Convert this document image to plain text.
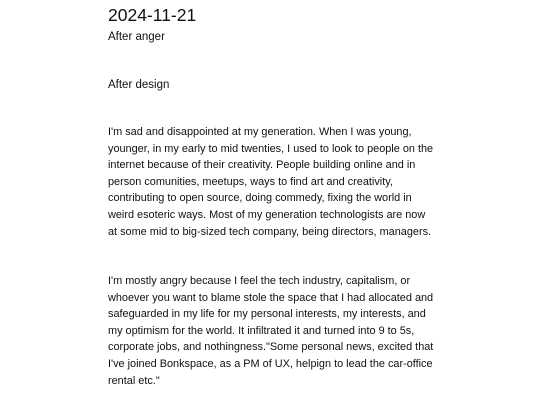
2024-11-21

After anger

After design

I'm sad and disappointed at my generation. When I was young, younger, in my early to mid twenties, I used to look to people on the internet because of their creativity. People building online and in person comunities, meetups, ways to find art and creativity, contributing to open source, doing commedy, fixing the world in weird esoteric ways. Most of my generation technologists are now at some mid to big-sized tech company, being directors, managers.

I'm mostly angry because I feel the tech industry, capitalism, or whoever you want to blame stole the space that I had allocated and safeguarded in my life for my personal interests, my interests, and my optimism for the world. It infiltrated it and turned into 9 to 5s, corporate jobs, and nothingness."Some personal news, excited that I've joined Bonkspace, as a PM of UX, helpign to lead the car-office rental etc."
